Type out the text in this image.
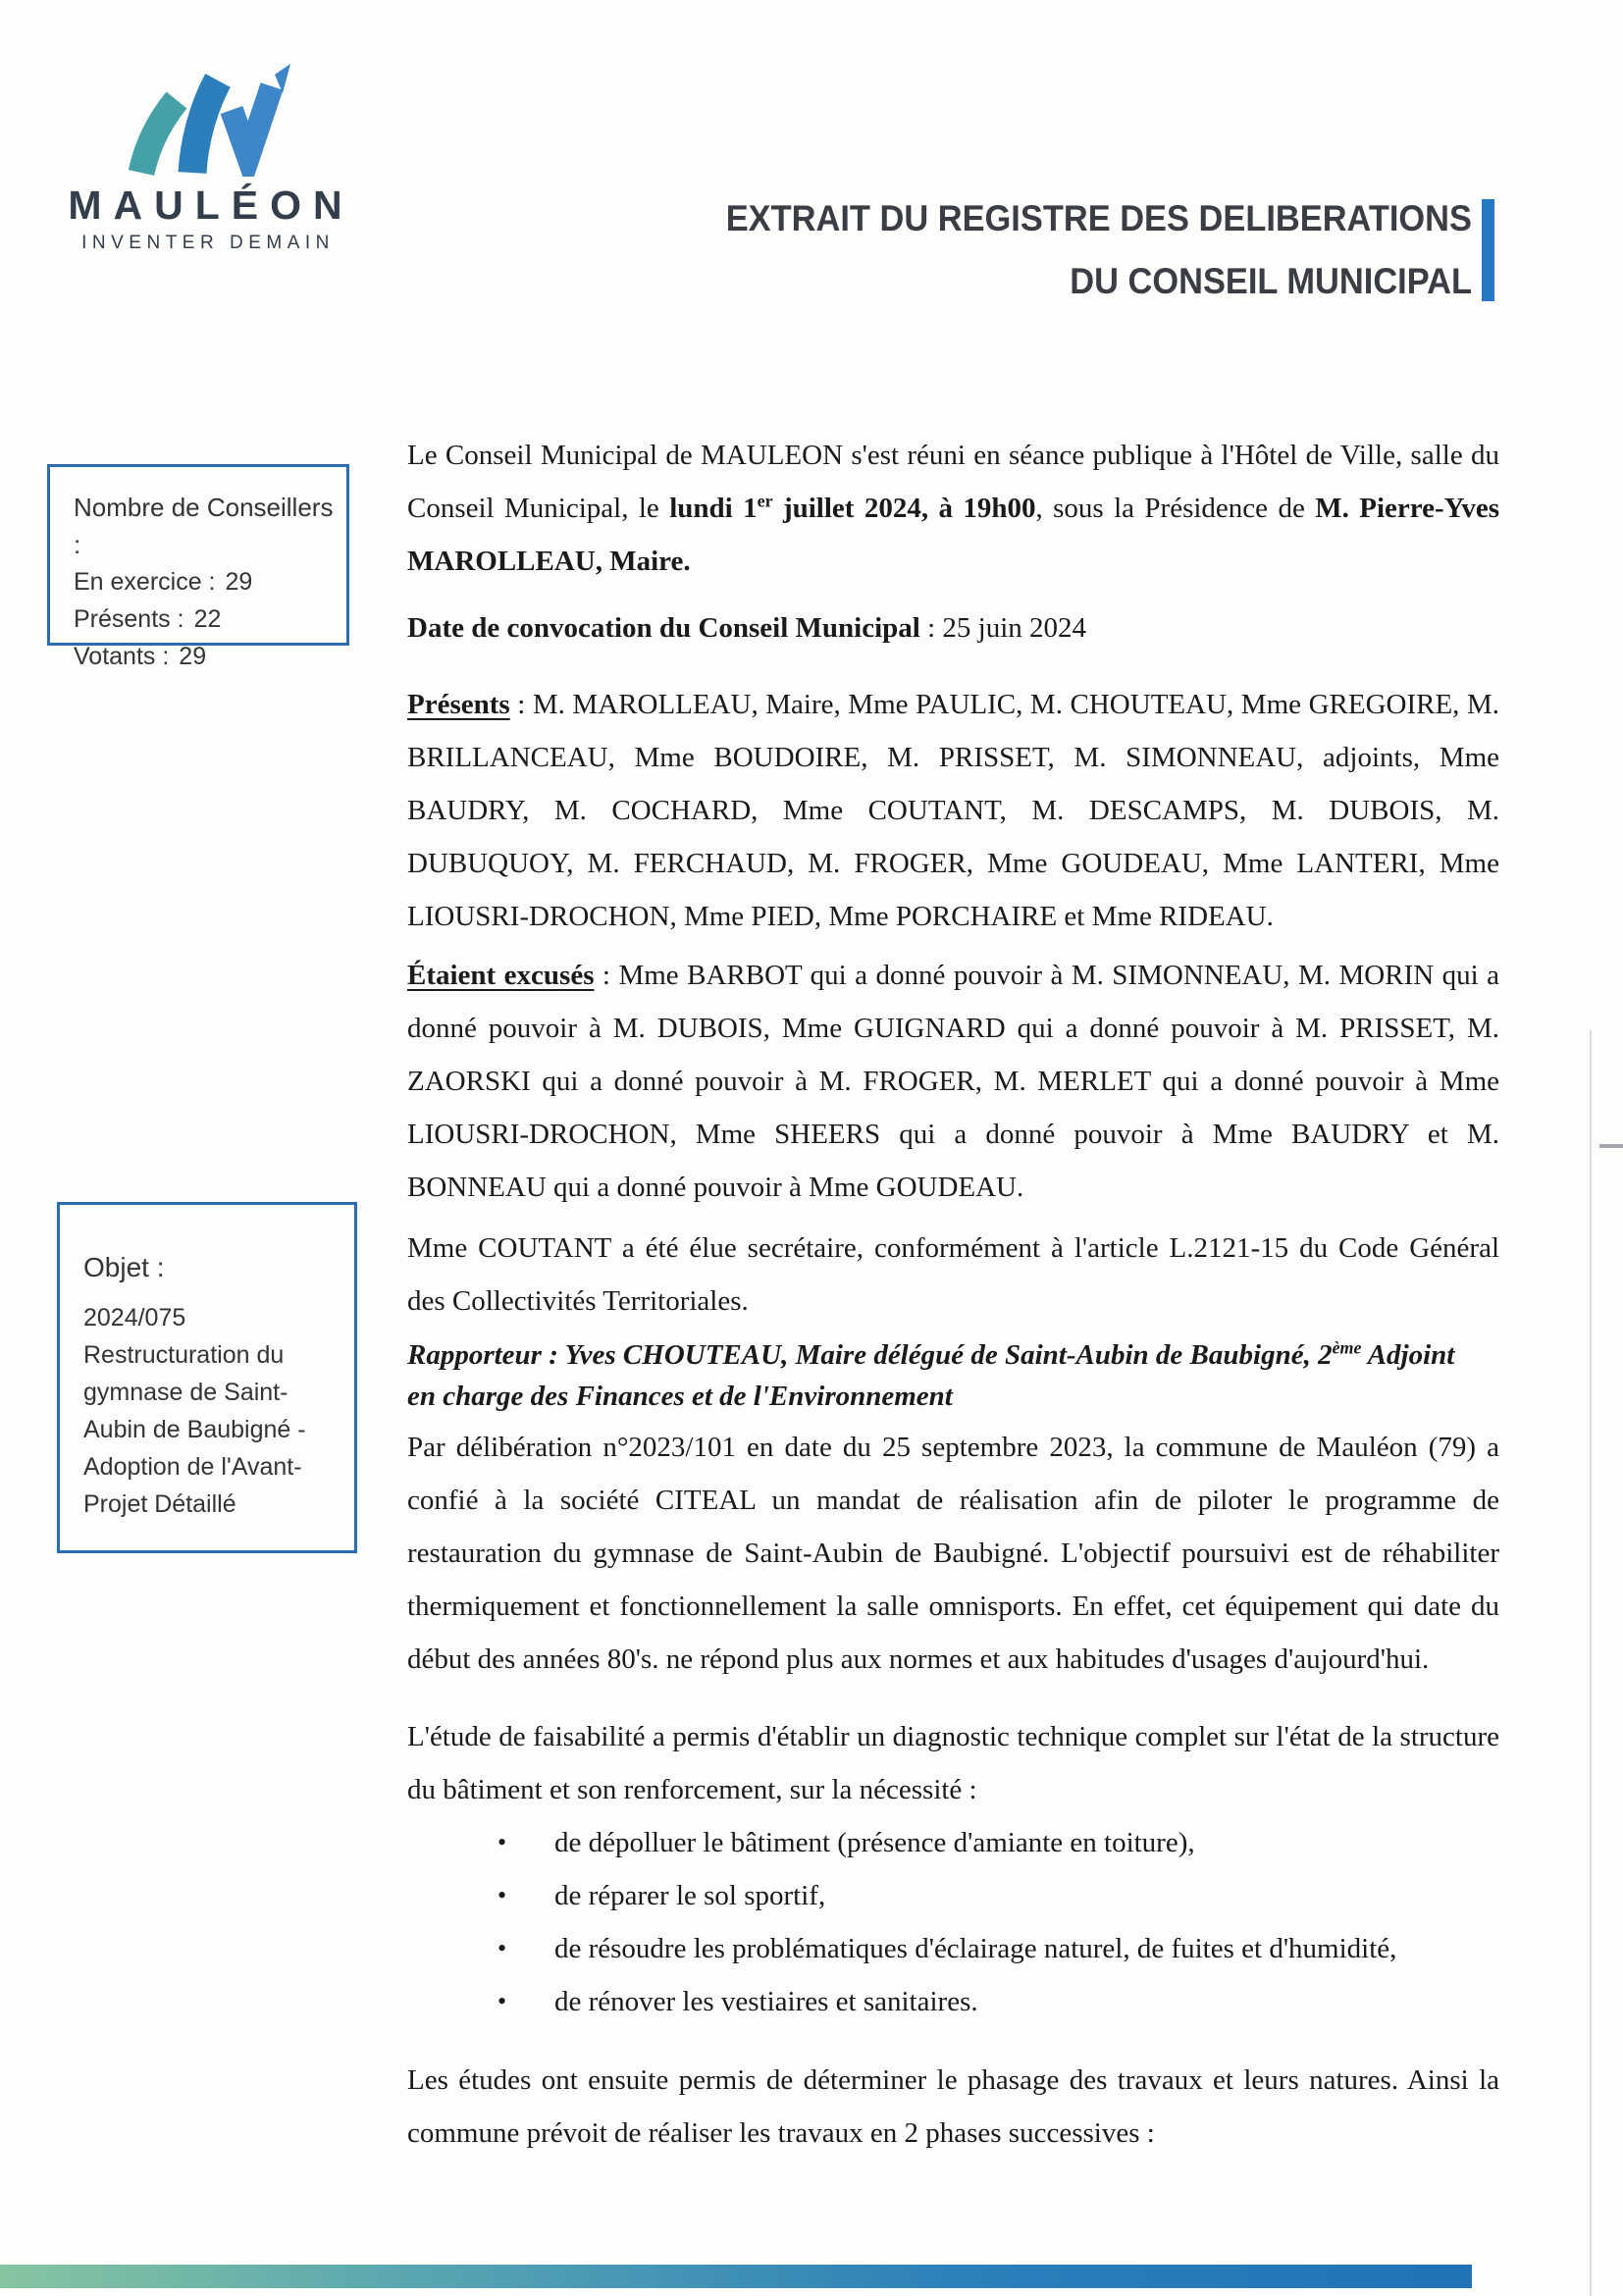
MAULÉON
INVENTER DEMAIN
EXTRAIT DU REGISTRE DES DELIBERATIONS
DU CONSEIL MUNICIPAL
Nombre de Conseillers :
En exercice : 29
Présents : 22
Votants : 29
Objet :
2024/075
Restructuration du gymnase de Saint-Aubin de Baubigné - Adoption de l'Avant-Projet Détaillé

Le Conseil Municipal de MAULEON s'est réuni en séance publique à l'Hôtel de Ville, salle du Conseil Municipal, le lundi 1er juillet 2024, à 19h00, sous la Présidence de M. Pierre-Yves MAROLLEAU, Maire.

Date de convocation du Conseil Municipal : 25 juin 2024

Présents : M. MAROLLEAU, Maire, Mme PAULIC, M. CHOUTEAU, Mme GREGOIRE, M. BRILLANCEAU, Mme BOUDOIRE, M. PRISSET, M. SIMONNEAU, adjoints, Mme BAUDRY, M. COCHARD, Mme COUTANT, M. DESCAMPS, M. DUBOIS, M. DUBUQUOY, M. FERCHAUD, M. FROGER, Mme GOUDEAU, Mme LANTERI, Mme LIOUSRI-DROCHON, Mme PIED, Mme PORCHAIRE et Mme RIDEAU.

Étaient excusés : Mme BARBOT qui a donné pouvoir à M. SIMONNEAU, M. MORIN qui a donné pouvoir à M. DUBOIS, Mme GUIGNARD qui a donné pouvoir à M. PRISSET, M. ZAORSKI qui a donné pouvoir à M. FROGER, M. MERLET qui a donné pouvoir à Mme LIOUSRI-DROCHON, Mme SHEERS qui a donné pouvoir à Mme BAUDRY et M. BONNEAU qui a donné pouvoir à Mme GOUDEAU.

Mme COUTANT a été élue secrétaire, conformément à l'article L.2121-15 du Code Général des Collectivités Territoriales.

Rapporteur : Yves CHOUTEAU, Maire délégué de Saint-Aubin de Baubigné, 2ème Adjoint
en charge des Finances et de l'Environnement

Par délibération n°2023/101 en date du 25 septembre 2023, la commune de Mauléon (79) a confié à la société CITEAL un mandat de réalisation afin de piloter le programme de restauration du gymnase de Saint-Aubin de Baubigné. L'objectif poursuivi est de réhabiliter thermiquement et fonctionnellement la salle omnisports. En effet, cet équipement qui date du début des années 80's. ne répond plus aux normes et aux habitudes d'usages d'aujourd'hui.

L'étude de faisabilité a permis d'établir un diagnostic technique complet sur l'état de la structure du bâtiment et son renforcement, sur la nécessité :

• de dépolluer le bâtiment (présence d'amiante en toiture),
• de réparer le sol sportif,
• de résoudre les problématiques d'éclairage naturel, de fuites et d'humidité,
• de rénover les vestiaires et sanitaires.

Les études ont ensuite permis de déterminer le phasage des travaux et leurs natures. Ainsi la commune prévoit de réaliser les travaux en 2 phases successives :
